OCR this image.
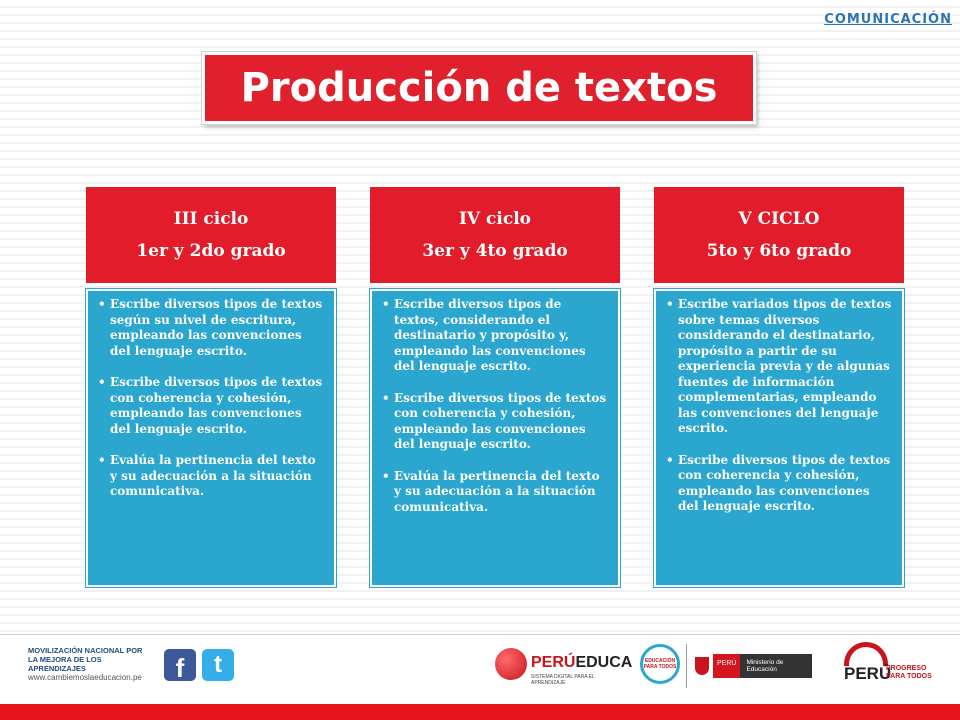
COMUNICACIÓN
Producción de textos
III ciclo
1er y 2do grado
• Escribe diversos tipos de textos según su nivel de escritura, empleando las convenciones del lenguaje escrito.
• Escribe diversos tipos de textos con coherencia y cohesión, empleando las convenciones del lenguaje escrito.
• Evalúa la pertinencia del texto y su adecuación a la situación comunicativa.
IV ciclo
3er y 4to grado
• Escribe diversos tipos de textos, considerando el destinatario y propósito y, empleando las convenciones del lenguaje escrito.
• Escribe diversos tipos de textos con coherencia y cohesión, empleando las convenciones del lenguaje escrito.
• Evalúa la pertinencia del texto y su adecuación a la situación comunicativa.
V CICLO
5to y 6to grado
• Escribe variados tipos de textos sobre temas diversos considerando el destinatario, propósito a partir de su experiencia previa y de algunas fuentes de información complementarias, empleando las convenciones del lenguaje escrito.
• Escribe diversos tipos de textos con coherencia y cohesión, empleando las convenciones del lenguaje escrito.
MOVILIZACIÓN NACIONAL POR
LA MEJORA DE LOS APRENDIZAJES
www.cambiemoslaeducacion.pe	f	t	PERÚEDUCA
SISTEMA DIGITAL PARA EL APRENDIZAJE
EDUCACIÓN PARA TODOS	PERÚ	Ministerio de Educación	PERÚ
PROGRESO
PARA TODOS
